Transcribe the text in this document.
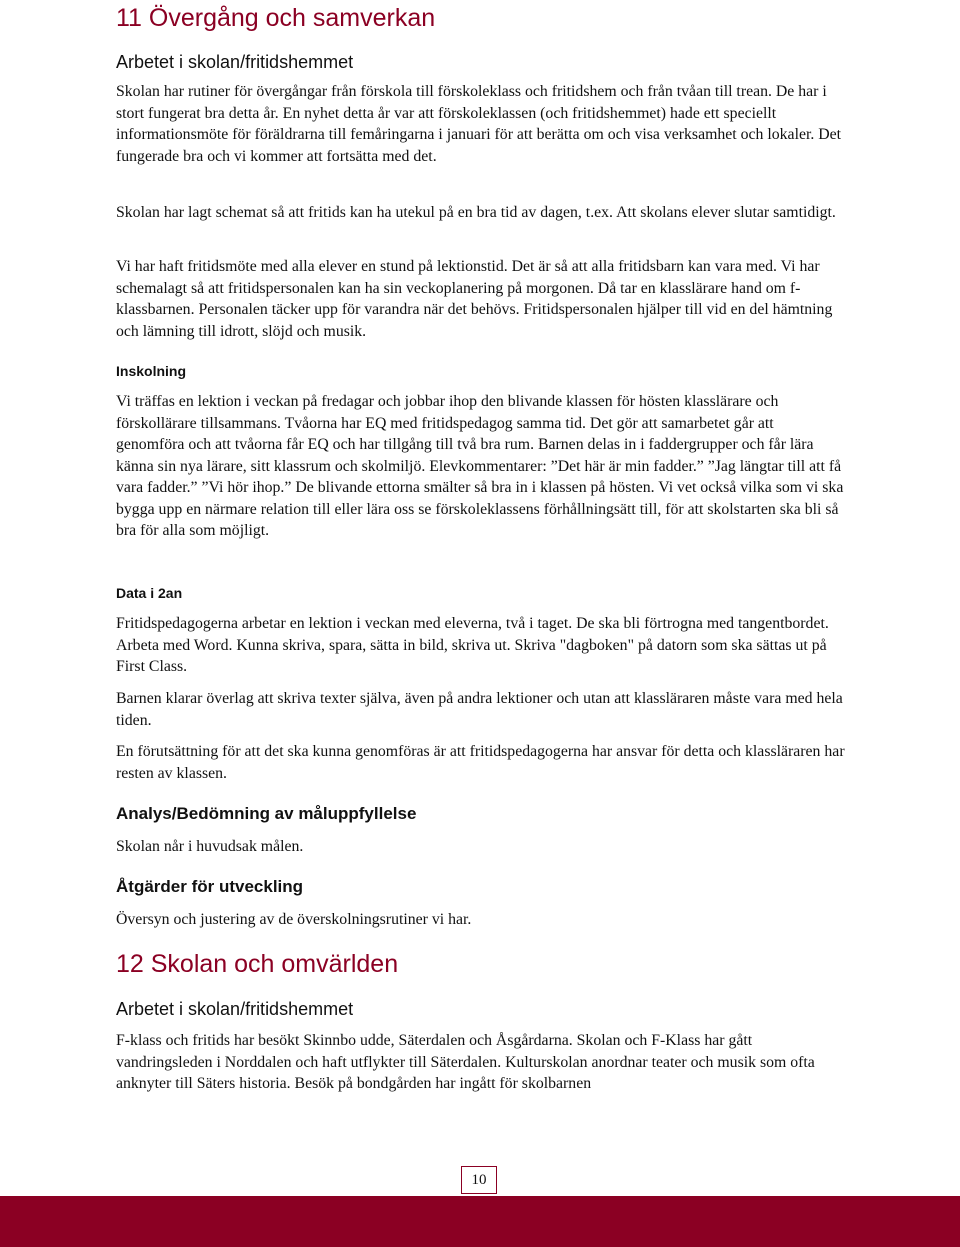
11 Övergång och samverkan
Arbetet i skolan/fritidshemmet

Skolan har rutiner för övergångar från förskola till förskoleklass och fritidshem och från tvåan till trean. De har i stort fungerat bra detta år. En nyhet detta år var att förskoleklassen (och fritidshemmet) hade ett speciellt informationsmöte för föräldrarna till femåringarna i januari för att berätta om och visa verksamhet och lokaler. Det fungerade bra och vi kommer att fortsätta med det.

Skolan har lagt schemat så att fritids kan ha utekul på en bra tid av dagen, t.ex. Att skolans elever slutar samtidigt.

Vi har haft fritidsmöte med alla elever en stund på lektionstid. Det är så att alla fritidsbarn kan vara med. Vi har schemalagt så att fritidspersonalen kan ha sin veckoplanering på morgonen. Då tar en klasslärare hand om f-klassbarnen. Personalen täcker upp för varandra när det behövs. Fritidspersonalen hjälper till vid en del hämtning och lämning till idrott, slöjd och musik.

Inskolning

Vi träffas en lektion i veckan på fredagar och jobbar ihop den blivande klassen för hösten klasslärare och förskollärare tillsammans. Tvåorna har EQ med fritidspedagog samma tid. Det gör att samarbetet går att genomföra och att tvåorna får EQ och har tillgång till två bra rum. Barnen delas in i faddergrupper och får lära känna sin nya lärare, sitt klassrum och skolmiljö. Elevkommentarer: ”Det här är min fadder.” ”Jag längtar till att få vara fadder.” ”Vi hör ihop.” De blivande ettorna smälter så bra in i klassen på hösten. Vi vet också vilka som vi ska bygga upp en närmare relation till eller lära oss se förskoleklassens förhållningsätt till, för att skolstarten ska bli så bra för alla som möjligt.

Data i 2an

Fritidspedagogerna arbetar en lektion i veckan med eleverna, två i taget. De ska bli förtrogna med tangentbordet. Arbeta med Word. Kunna skriva, spara, sätta in bild, skriva ut. Skriva "dagboken" på datorn som ska sättas ut på First Class.

Barnen klarar överlag att skriva texter själva, även på andra lektioner och utan att klassläraren måste vara med hela tiden.

En förutsättning för att det ska kunna genomföras är att fritidspedagogerna har ansvar för detta och klassläraren har resten av klassen.

Analys/Bedömning av måluppfyllelse

Skolan når i huvudsak målen.

Åtgärder för utveckling

Översyn och justering av de överskolningsrutiner vi har.

12 Skolan och omvärlden
Arbetet i skolan/fritidshemmet

F-klass och fritids har besökt Skinnbo udde, Säterdalen och Åsgårdarna. Skolan och F-Klass har gått vandringsleden i Norddalen och haft utflykter till Säterdalen. Kulturskolan anordnar teater och musik som ofta anknyter till Säters historia. Besök på bondgården har ingått för skolbarnen

10
